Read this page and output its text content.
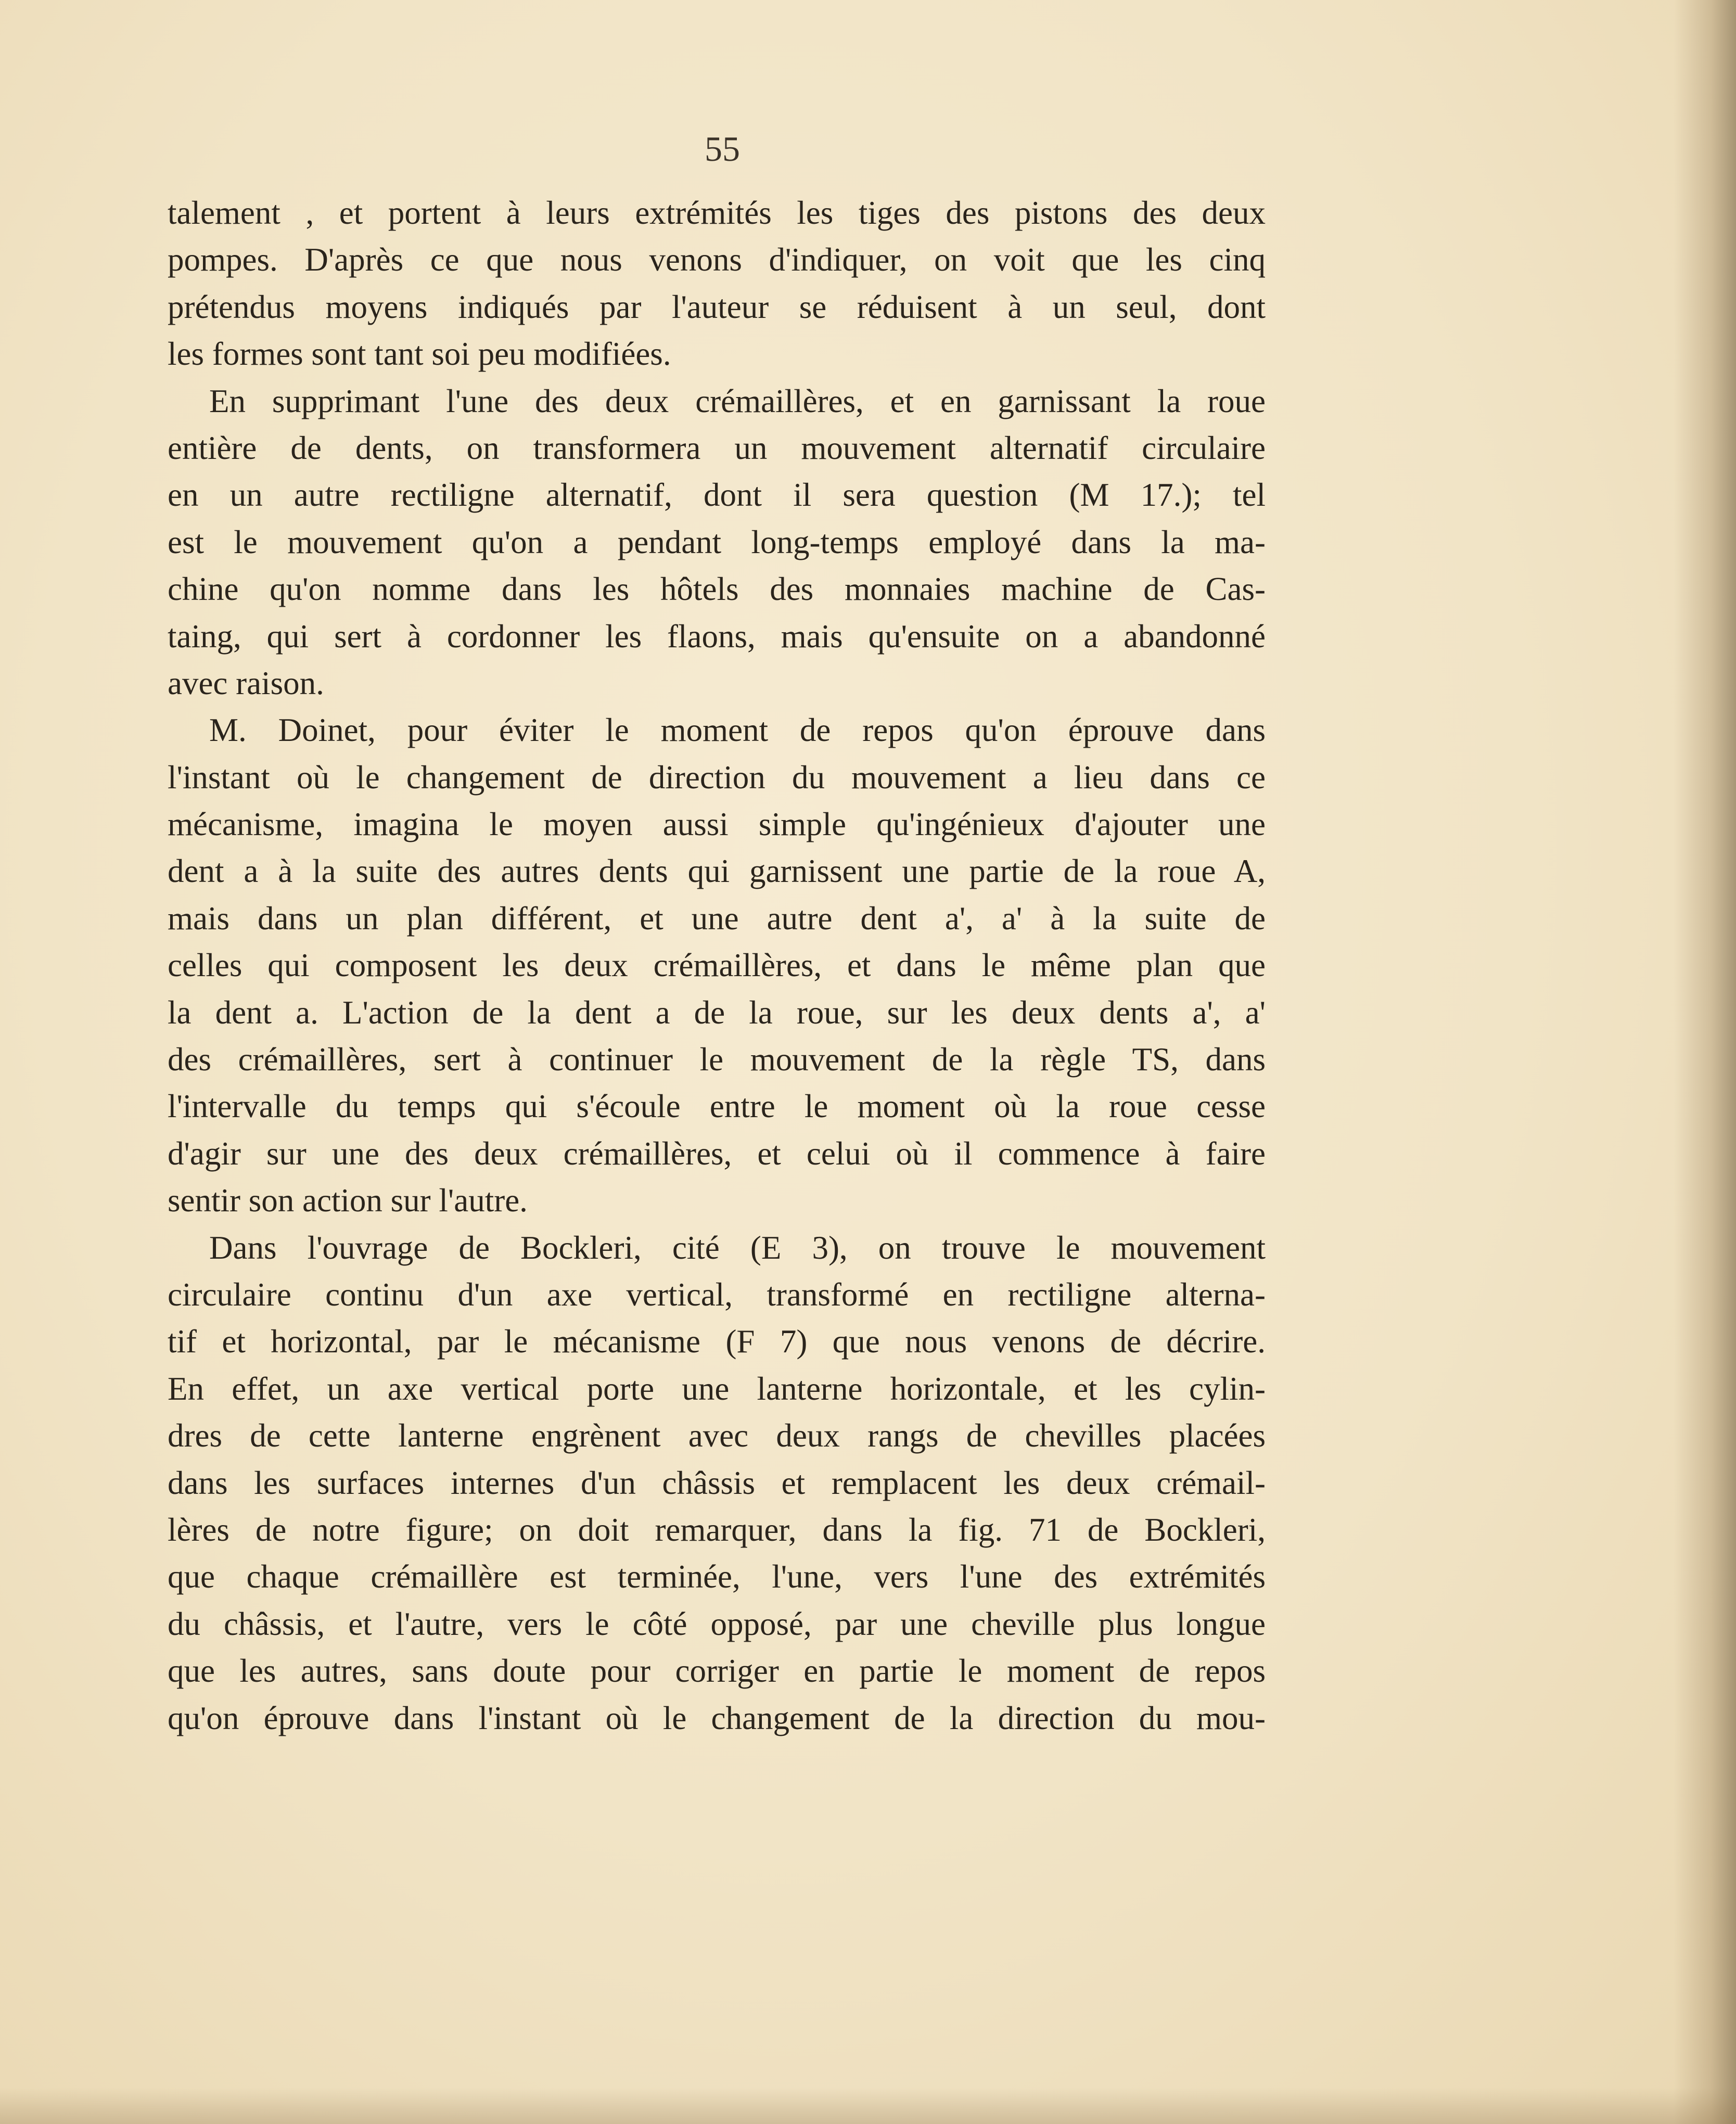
55
talement , et portent à leurs extrémités les tiges des pistons des deux
pompes. D'après ce que nous venons d'indiquer, on voit que les cinq
prétendus moyens indiqués par l'auteur se réduisent à un seul, dont
les formes sont tant soi peu modifiées.
En supprimant l'une des deux crémaillères, et en garnissant la roue
entière de dents, on transformera un mouvement alternatif circulaire
en un autre rectiligne alternatif, dont il sera question (M 17.); tel
est le mouvement qu'on a pendant long-temps employé dans la ma-
chine qu'on nomme dans les hôtels des monnaies machine de Cas-
taing, qui sert à cordonner les flaons, mais qu'ensuite on a abandonné
avec raison.
M. Doinet, pour éviter le moment de repos qu'on éprouve dans
l'instant où le changement de direction du mouvement a lieu dans ce
mécanisme, imagina le moyen aussi simple qu'ingénieux d'ajouter une
dent a à la suite des autres dents qui garnissent une partie de la roue A,
mais dans un plan différent, et une autre dent a', a' à la suite de
celles qui composent les deux crémaillères, et dans le même plan que
la dent a. L'action de la dent a de la roue, sur les deux dents a', a'
des crémaillères, sert à continuer le mouvement de la règle TS, dans
l'intervalle du temps qui s'écoule entre le moment où la roue cesse
d'agir sur une des deux crémaillères, et celui où il commence à faire
sentir son action sur l'autre.
Dans l'ouvrage de Bockleri, cité (E 3), on trouve le mouvement
circulaire continu d'un axe vertical, transformé en rectiligne alterna-
tif et horizontal, par le mécanisme (F 7) que nous venons de décrire.
En effet, un axe vertical porte une lanterne horizontale, et les cylin-
dres de cette lanterne engrènent avec deux rangs de chevilles placées
dans les surfaces internes d'un châssis et remplacent les deux crémail-
lères de notre figure; on doit remarquer, dans la fig. 71 de Bockleri,
que chaque crémaillère est terminée, l'une, vers l'une des extrémités
du châssis, et l'autre, vers le côté opposé, par une cheville plus longue
que les autres, sans doute pour corriger en partie le moment de repos
qu'on éprouve dans l'instant où le changement de la direction du mou-
